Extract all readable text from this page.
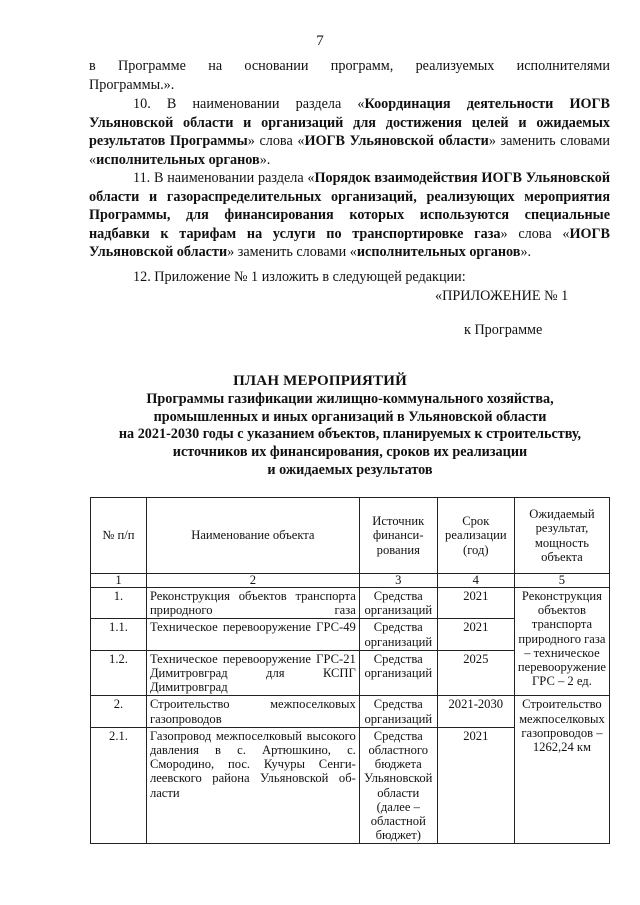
7

в Программе на основании программ, реализуемых исполнителями

Программы.».

10. В наименовании раздела «Координация деятельности ИОГВ Ульяновской области и организаций для достижения целей и ожидаемых результатов Программы» слова «ИОГВ Ульяновской области» заменить словами «исполнительных органов».

11. В наименовании раздела «Порядок взаимодействия ИОГВ Ульяновской области и газораспределительных организаций, реализующих мероприятия Программы, для финансирования которых используются специальные надбавки к тарифам на услуги по транспортировке газа» слова «ИОГВ Ульяновской области» заменить словами «исполнительных органов».

12. Приложение № 1 изложить в следующей редакции:

«ПРИЛОЖЕНИЕ № 1
к Программе
ПЛАН МЕРОПРИЯТИЙ
Программы газификации жилищно-коммунального хозяйства,
промышленных и иных организаций в Ульяновской области
на 2021-2030 годы с указанием объектов, планируемых к строительству,
источников их финансирования, сроков их реализации
и ожидаемых результатов
№ п/п	Наименование объекта	Источник финансирования	Срок реализации (год)	Ожидаемый результат, мощность объекта
1	2	3	4	5
1.	Реконструкция объектов транспорта природного газа	Средства организаций	2021	Реконструкция объектов транспорта природного газа – техническое перевооружение ГРС – 2 ед.
1.1.	Техническое перевооружение ГРС-49	Средства организаций	2021	
1.2.	Техническое перевооружение ГРС-21 Димитровград для КСПГ Димитровград	Средства организаций	2025	
2.	Строительство межпоселковых газопроводов	Средства организаций	2021-2030	Строительство межпоселковых газопроводов – 1262,24 км
2.1.	Газопровод межпоселковый высокого давления в с. Артюшкино, с. Смородино, пос. Кучуры Сенгилеевского района Ульяновской области	Средства областного бюджета Ульяновской области (далее – областной бюджет)	2021	
